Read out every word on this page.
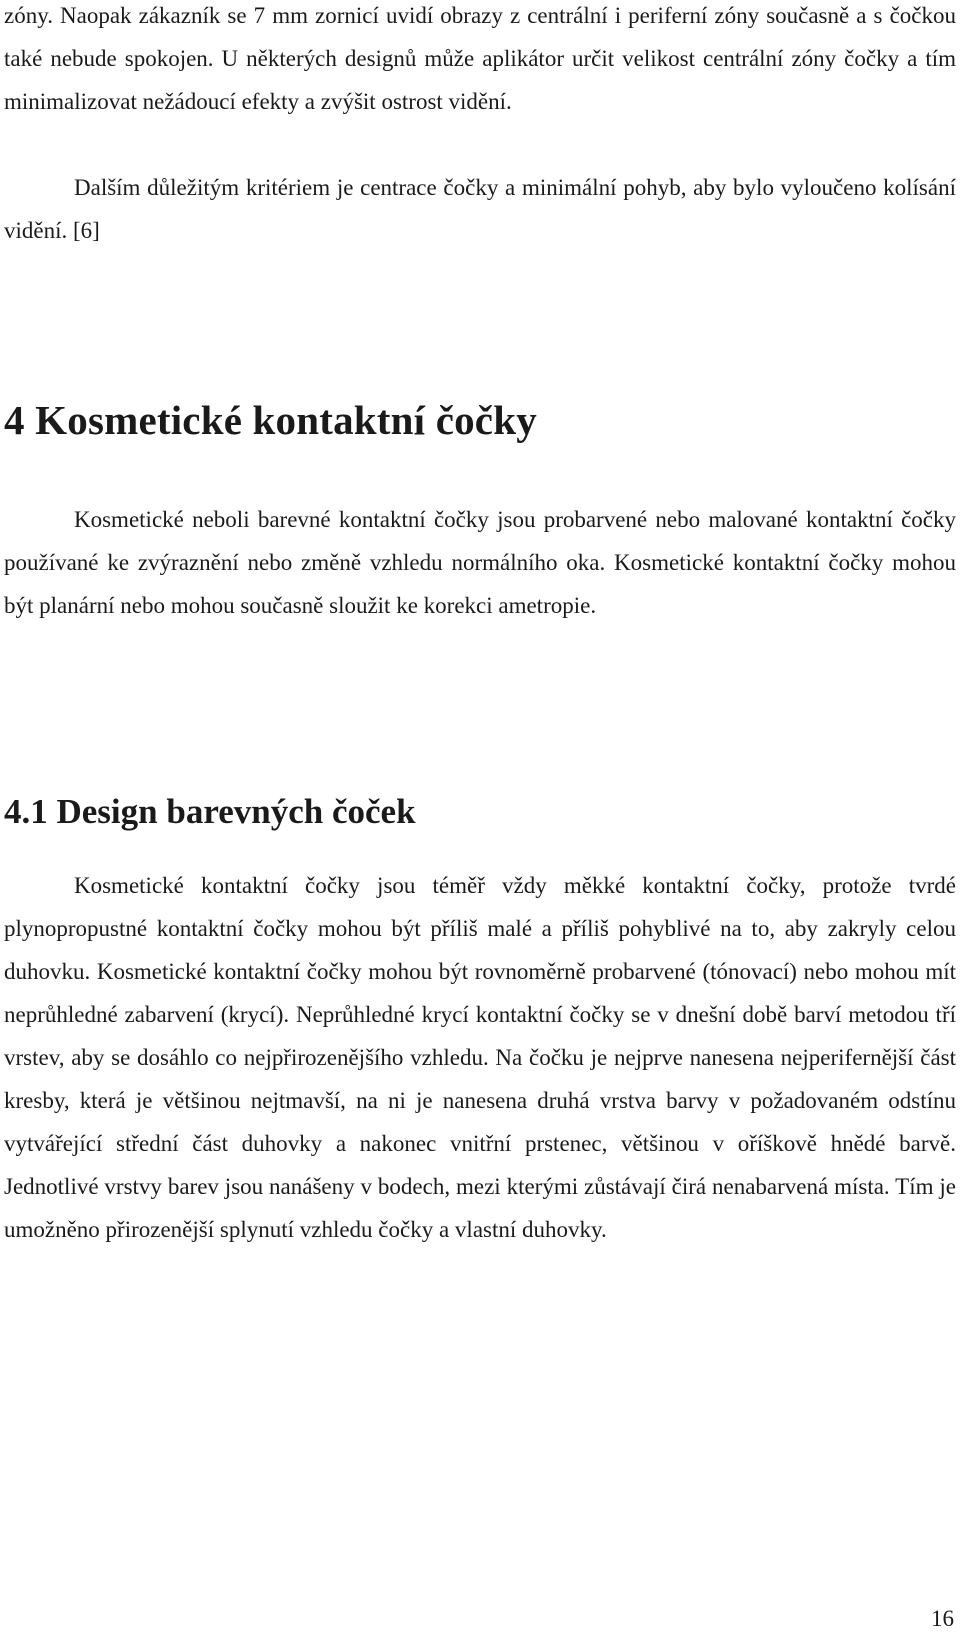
zóny. Naopak zákazník se 7 mm zornicí uvidí obrazy z centrální i periferní zóny současně a s čočkou také nebude spokojen. U některých designů může aplikátor určit velikost centrální zóny čočky a tím minimalizovat nežádoucí efekty a zvýšit ostrost vidění.

Dalším důležitým kritériem je centrace čočky a minimální pohyb, aby bylo vyloučeno kolísání vidění. [6]

4 Kosmetické kontaktní čočky

Kosmetické neboli barevné kontaktní čočky jsou probarvené nebo malované kontaktní čočky používané ke zvýraznění nebo změně vzhledu normálního oka. Kosmetické kontaktní čočky mohou být planární nebo mohou současně sloužit ke korekci ametropie.

4.1 Design barevných čoček

Kosmetické kontaktní čočky jsou téměř vždy měkké kontaktní čočky, protože tvrdé plynopropustné kontaktní čočky mohou být příliš malé a příliš pohyblivé na to, aby zakryly celou duhovku. Kosmetické kontaktní čočky mohou být rovnoměrně probarvené (tónovací) nebo mohou mít neprůhledné zabarvení (krycí). Neprůhledné krycí kontaktní čočky se v dnešní době barví metodou tří vrstev, aby se dosáhlo co nejpřirozenějšího vzhledu. Na čočku je nejprve nanesena nejperifernější část kresby, která je většinou nejtmavší, na ni je nanesena druhá vrstva barvy v požadovaném odstínu vytvářející střední část duhovky a nakonec vnitřní prstenec, většinou v oříškově hnědé barvě. Jednotlivé vrstvy barev jsou nanášeny v bodech, mezi kterými zůstávají čirá nenabarvená místa. Tím je umožněno přirozenější splynutí vzhledu čočky a vlastní duhovky.

16
